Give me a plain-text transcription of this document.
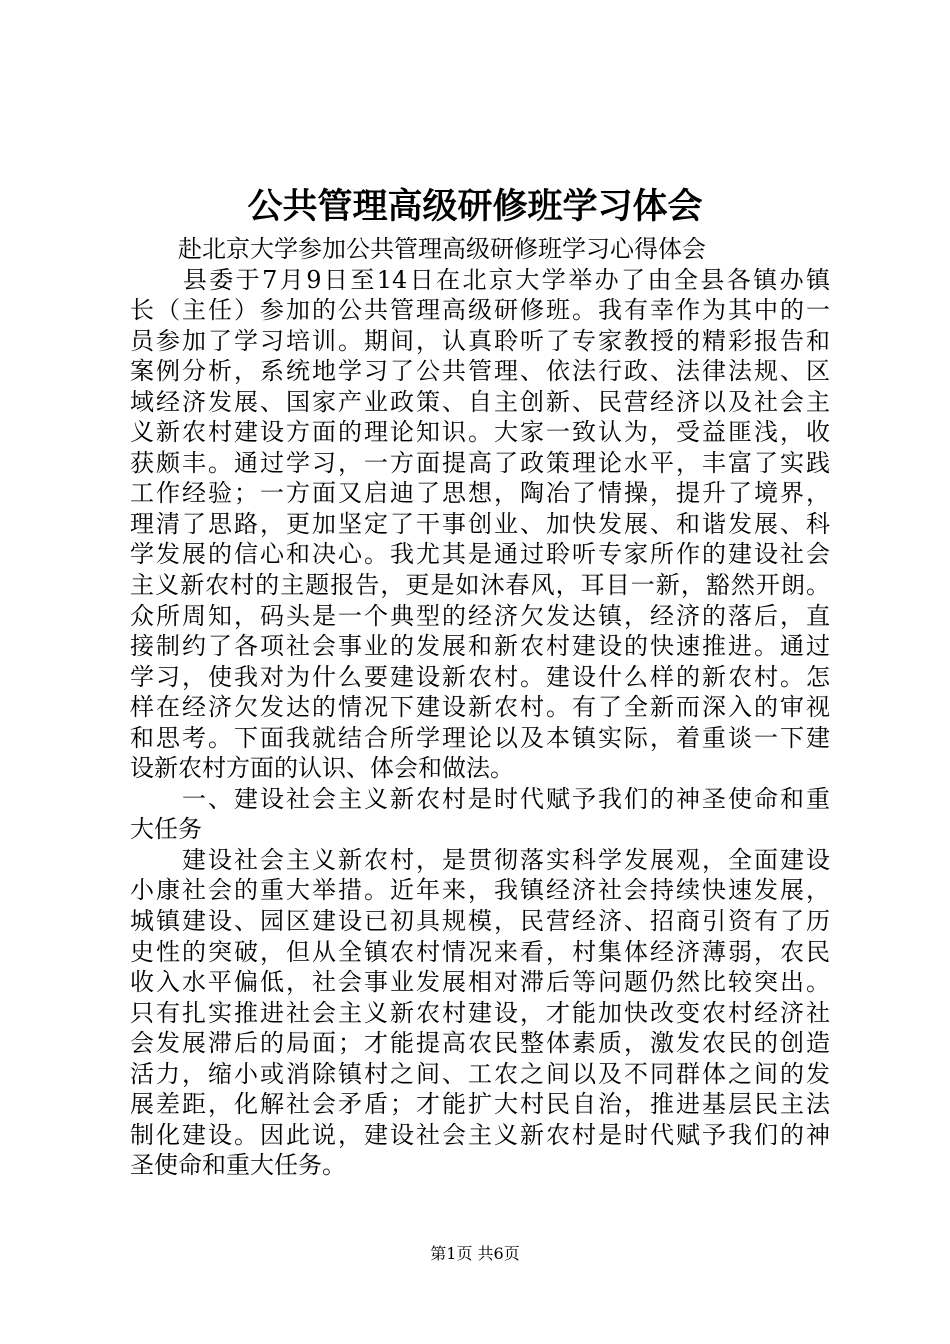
公共管理高级研修班学习体会

　　赴北京大学参加公共管理高级研修班学习心得体会

　　县委于7月9日至14日在北京大学举办了由全县各镇办镇

长（主任）参加的公共管理高级研修班。我有幸作为其中的一

员参加了学习培训。期间，认真聆听了专家教授的精彩报告和

案例分析，系统地学习了公共管理、依法行政、法律法规、区

域经济发展、国家产业政策、自主创新、民营经济以及社会主

义新农村建设方面的理论知识。大家一致认为，受益匪浅，收

获颇丰。通过学习，一方面提高了政策理论水平，丰富了实践

工作经验；一方面又启迪了思想，陶冶了情操，提升了境界，

理清了思路，更加坚定了干事创业、加快发展、和谐发展、科

学发展的信心和决心。我尤其是通过聆听专家所作的建设社会

主义新农村的主题报告，更是如沐春风，耳目一新，豁然开朗。

众所周知，码头是一个典型的经济欠发达镇，经济的落后，直

接制约了各项社会事业的发展和新农村建设的快速推进。通过

学习，使我对为什么要建设新农村。建设什么样的新农村。怎

样在经济欠发达的情况下建设新农村。有了全新而深入的审视

和思考。下面我就结合所学理论以及本镇实际，着重谈一下建

设新农村方面的认识、体会和做法。

　　一、建设社会主义新农村是时代赋予我们的神圣使命和重

大任务

　　建设社会主义新农村，是贯彻落实科学发展观，全面建设

小康社会的重大举措。近年来，我镇经济社会持续快速发展，

城镇建设、园区建设已初具规模，民营经济、招商引资有了历

史性的突破，但从全镇农村情况来看，村集体经济薄弱，农民

收入水平偏低，社会事业发展相对滞后等问题仍然比较突出。

只有扎实推进社会主义新农村建设，才能加快改变农村经济社

会发展滞后的局面；才能提高农民整体素质，激发农民的创造

活力，缩小或消除镇村之间、工农之间以及不同群体之间的发

展差距，化解社会矛盾；才能扩大村民自治，推进基层民主法

制化建设。因此说，建设社会主义新农村是时代赋予我们的神

圣使命和重大任务。

第1页 共6页
